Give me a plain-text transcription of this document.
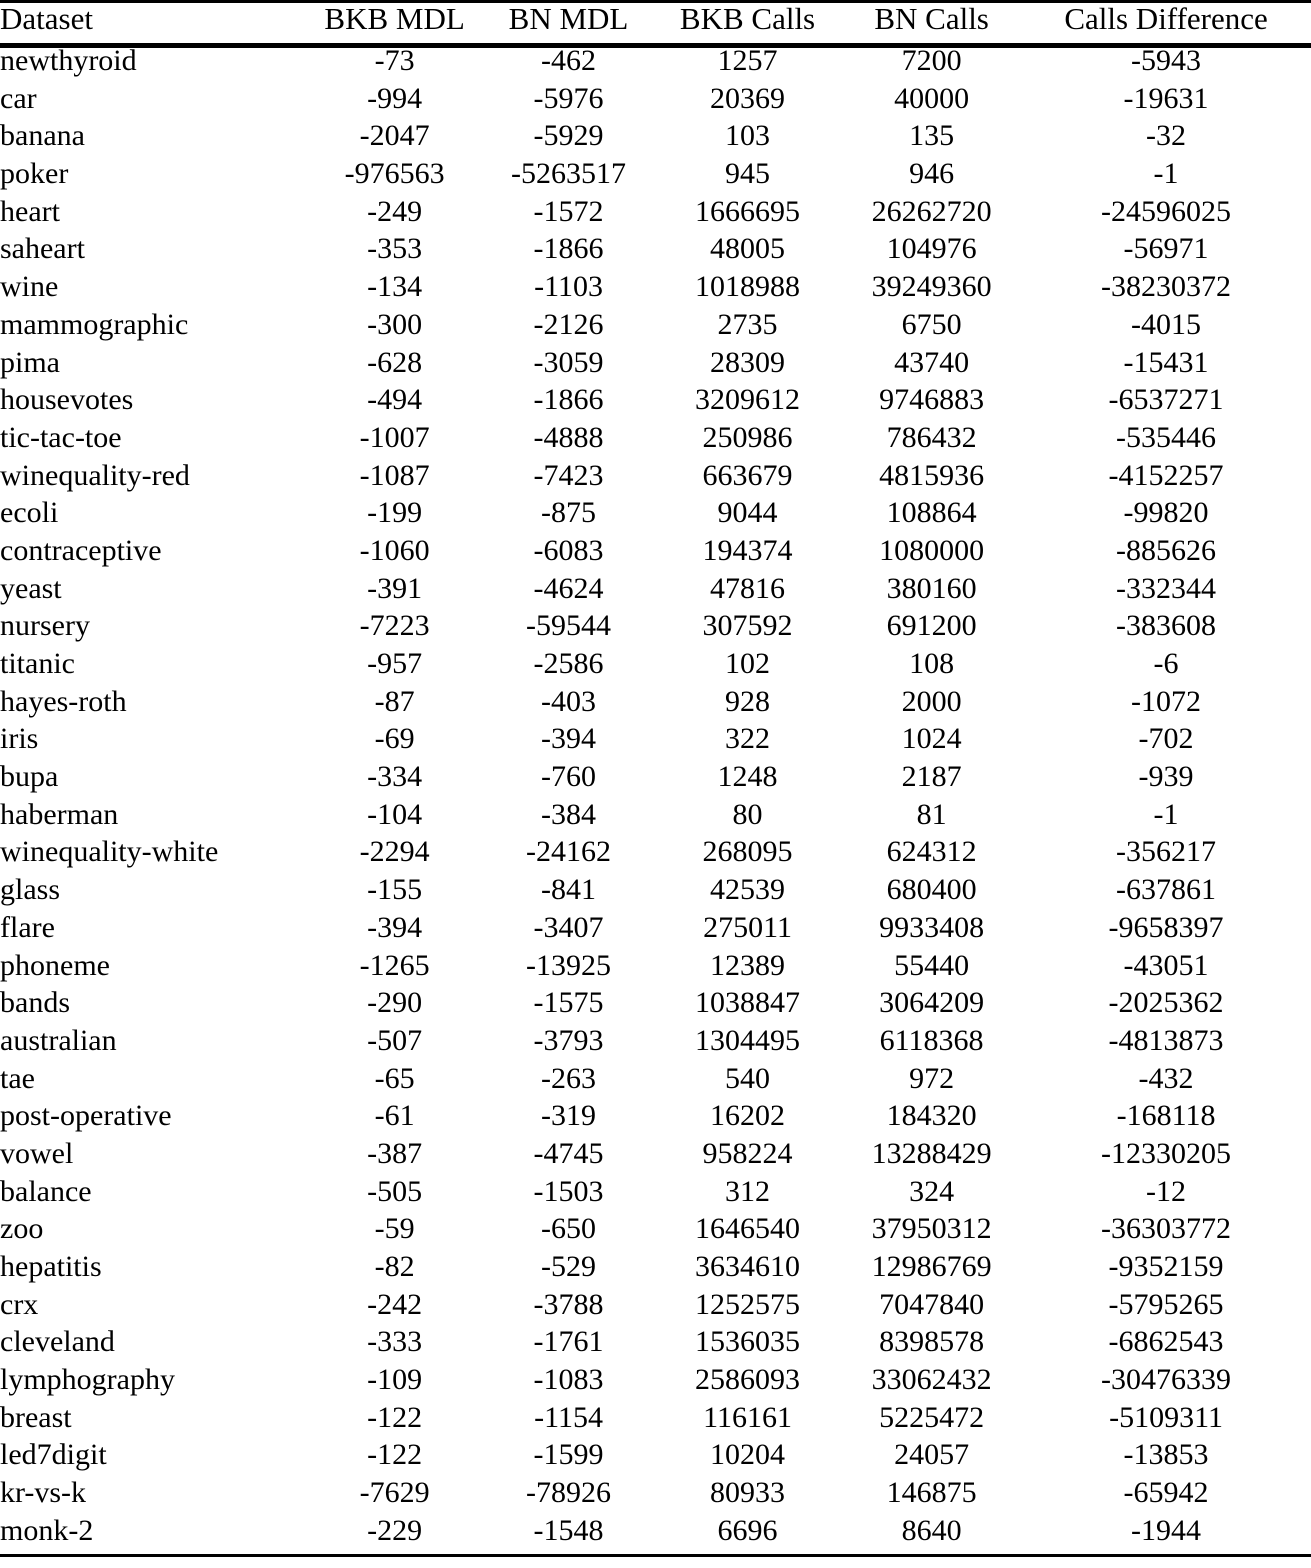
Dataset	BKB MDL	BN MDL	BKB Calls	BN Calls	Calls Difference
newthyroid	-73	-462	1257	7200	-5943
car	-994	-5976	20369	40000	-19631
banana	-2047	-5929	103	135	-32
poker	-976563	-5263517	945	946	-1
heart	-249	-1572	1666695	26262720	-24596025
saheart	-353	-1866	48005	104976	-56971
wine	-134	-1103	1018988	39249360	-38230372
mammographic	-300	-2126	2735	6750	-4015
pima	-628	-3059	28309	43740	-15431
housevotes	-494	-1866	3209612	9746883	-6537271
tic-tac-toe	-1007	-4888	250986	786432	-535446
winequality-red	-1087	-7423	663679	4815936	-4152257
ecoli	-199	-875	9044	108864	-99820
contraceptive	-1060	-6083	194374	1080000	-885626
yeast	-391	-4624	47816	380160	-332344
nursery	-7223	-59544	307592	691200	-383608
titanic	-957	-2586	102	108	-6
hayes-roth	-87	-403	928	2000	-1072
iris	-69	-394	322	1024	-702
bupa	-334	-760	1248	2187	-939
haberman	-104	-384	80	81	-1
winequality-white	-2294	-24162	268095	624312	-356217
glass	-155	-841	42539	680400	-637861
flare	-394	-3407	275011	9933408	-9658397
phoneme	-1265	-13925	12389	55440	-43051
bands	-290	-1575	1038847	3064209	-2025362
australian	-507	-3793	1304495	6118368	-4813873
tae	-65	-263	540	972	-432
post-operative	-61	-319	16202	184320	-168118
vowel	-387	-4745	958224	13288429	-12330205
balance	-505	-1503	312	324	-12
zoo	-59	-650	1646540	37950312	-36303772
hepatitis	-82	-529	3634610	12986769	-9352159
crx	-242	-3788	1252575	7047840	-5795265
cleveland	-333	-1761	1536035	8398578	-6862543
lymphography	-109	-1083	2586093	33062432	-30476339
breast	-122	-1154	116161	5225472	-5109311
led7digit	-122	-1599	10204	24057	-13853
kr-vs-k	-7629	-78926	80933	146875	-65942
monk-2	-229	-1548	6696	8640	-1944
